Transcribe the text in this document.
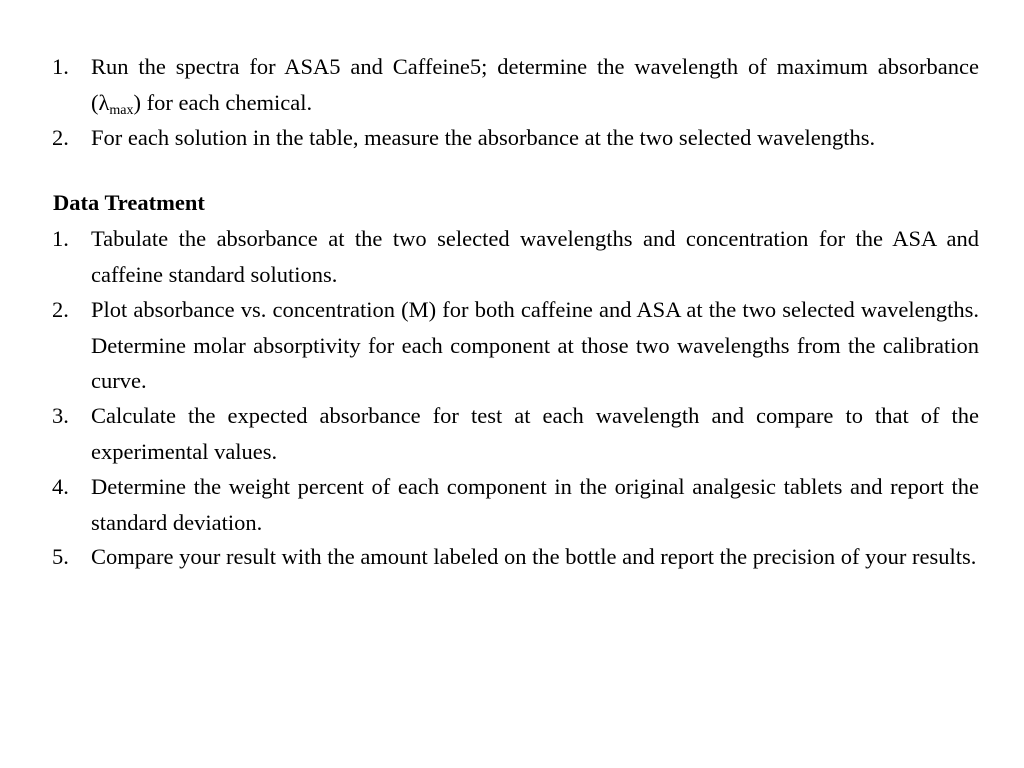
1. Run the spectra for ASA5 and Caffeine5; determine the wavelength of maximum absorbance $(\lambda_{max})$ for each chemical.
2. For each solution in the table, measure the absorbance at the two selected wavelengths.
Data Treatment
1. Tabulate the absorbance at the two selected wavelengths and concentration for the ASA and caffeine standard solutions.
2. Plot absorbance vs. concentration (M) for both caffeine and ASA at the two selected wavelengths. Determine molar absorptivity for each component at those two wavelengths from the calibration curve.
3. Calculate the expected absorbance for test at each wavelength and compare to that of the experimental values.
4. Determine the weight percent of each component in the original analgesic tablets and report the standard deviation.
5. Compare your result with the amount labeled on the bottle and report the precision of your results.
